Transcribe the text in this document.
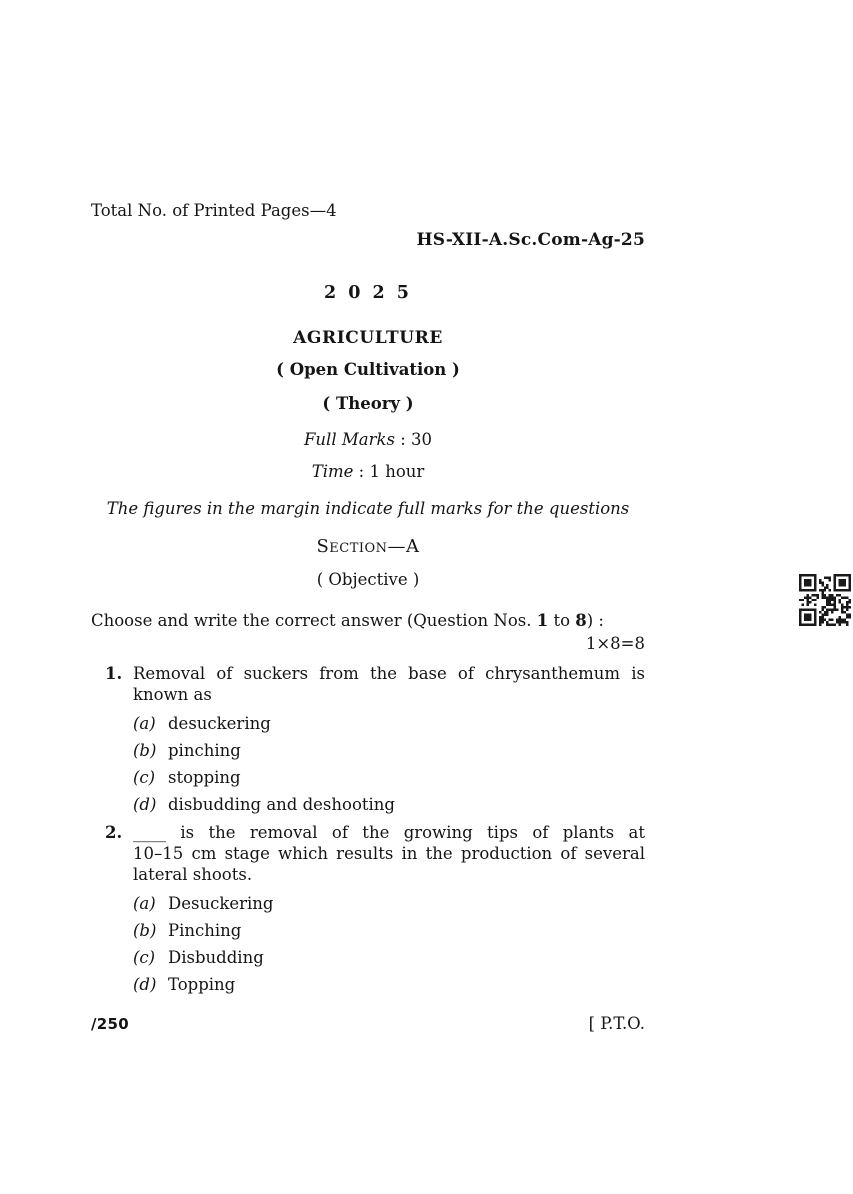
Total No. of Printed Pages—4
HS-XII-A.Sc.Com-Ag-25
2 0 2 5
AGRICULTURE
( Open Cultivation )
( Theory )
Full Marks : 30
Time : 1 hour
The figures in the margin indicate full marks for the questions
Section—A
( Objective )
Choose and write the correct answer (Question Nos. 1 to 8) :
1×8=8
1. Removal of suckers from the base of chrysanthemum is
known as
(a) desuckering
(b) pinching
(c) stopping
(d) disbudding and deshooting
2. ____ is the removal of the growing tips of plants at
10–15 cm stage which results in the production of several
lateral shoots.
(a) Desuckering
(b) Pinching
(c) Disbudding
(d) Topping
/250	[ P.T.O.
